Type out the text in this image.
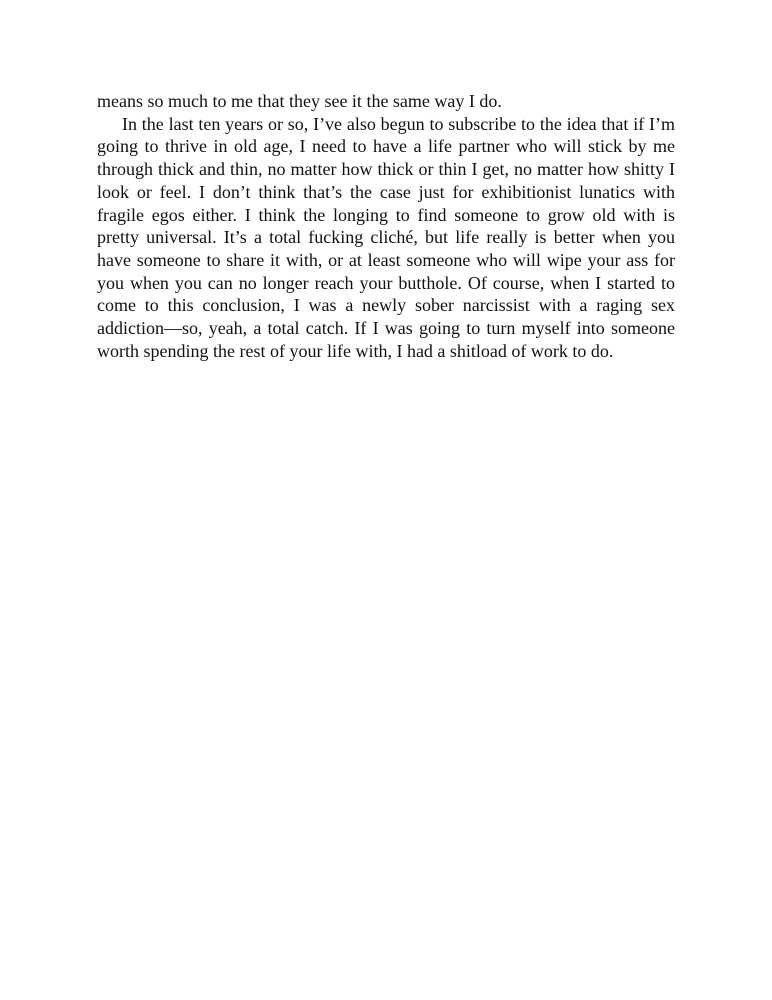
means so much to me that they see it the same way I do.

In the last ten years or so, I’ve also begun to subscribe to the idea that if I’m going to thrive in old age, I need to have a life partner who will stick by me through thick and thin, no matter how thick or thin I get, no matter how shitty I look or feel. I don’t think that’s the case just for exhibitionist lunatics with fragile egos either. I think the longing to find someone to grow old with is pretty universal. It’s a total fucking cliché, but life really is better when you have someone to share it with, or at least someone who will wipe your ass for you when you can no longer reach your butthole. Of course, when I started to come to this conclusion, I was a newly sober narcissist with a raging sex addiction—so, yeah, a total catch. If I was going to turn myself into someone worth spending the rest of your life with, I had a shitload of work to do.
